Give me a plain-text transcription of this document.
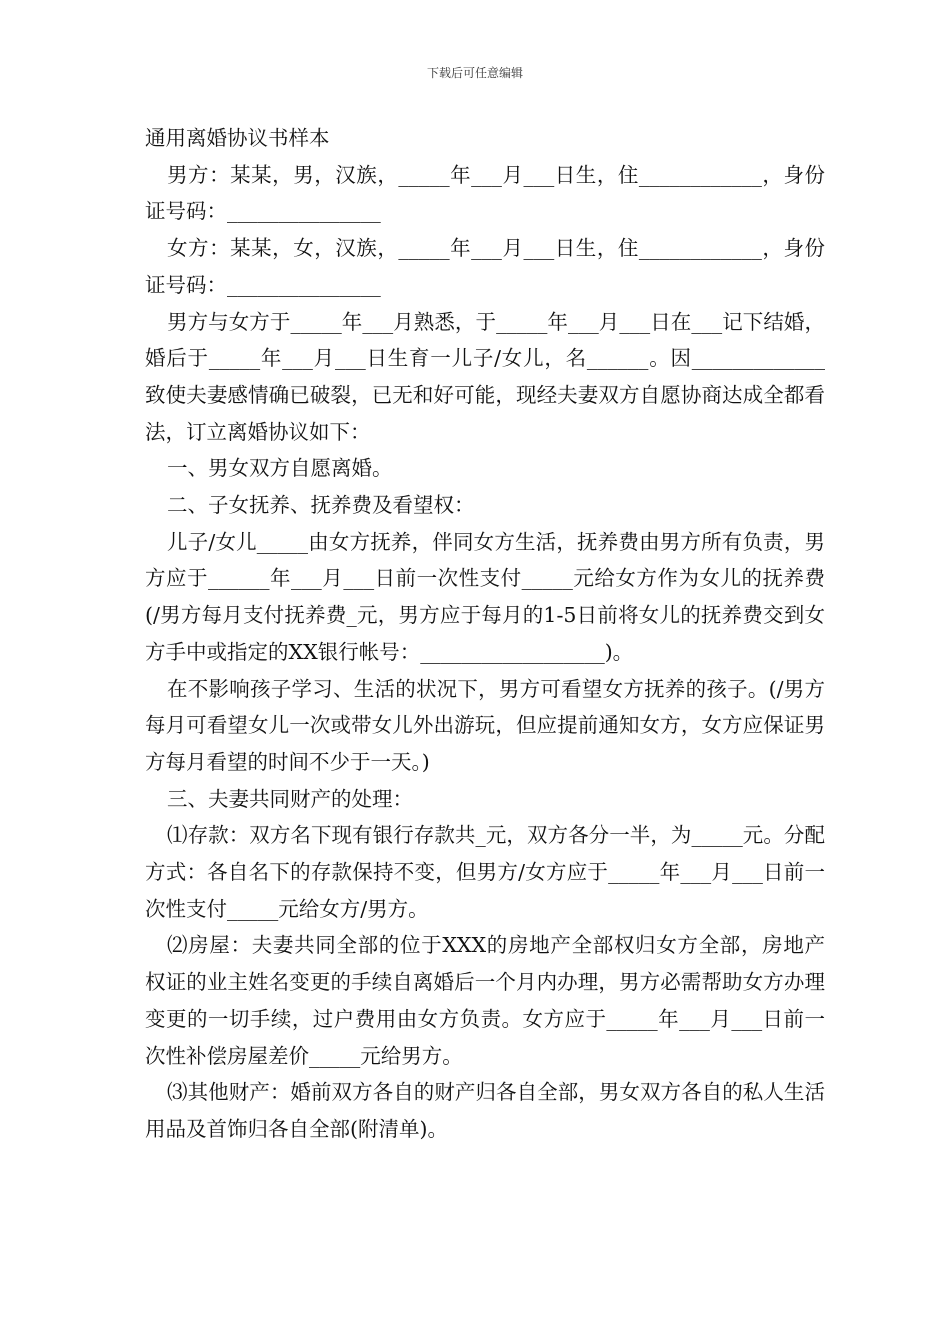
下载后可任意编辑

通用离婚协议书样本

男方：某某，男，汉族，_____年___月___日生，住____________，身份证号码：_______________

女方：某某，女，汉族，_____年___月___日生，住____________，身份证号码：_______________

男方与女方于_____年___月熟悉，于_____年___月___日在___记下结婚，婚后于_____年___月___日生育一儿子/女儿，名______。因_____________致使夫妻感情确已破裂，已无和好可能，现经夫妻双方自愿协商达成全都看法，订立离婚协议如下：

一、男女双方自愿离婚。

二、子女抚养、抚养费及看望权：

儿子/女儿_____由女方抚养，伴同女方生活，抚养费由男方所有负责，男方应于______年___月___日前一次性支付_____元给女方作为女儿的抚养费(/男方每月支付抚养费_元，男方应于每月的1-5日前将女儿的抚养费交到女方手中或指定的XX银行帐号：__________________)。

在不影响孩子学习、生活的状况下，男方可看望女方抚养的孩子。(/男方每月可看望女儿一次或带女儿外出游玩，但应提前通知女方，女方应保证男方每月看望的时间不少于一天。)

三、夫妻共同财产的处理：

⑴存款：双方名下现有银行存款共_元，双方各分一半，为_____元。分配方式：各自名下的存款保持不变，但男方/女方应于_____年___月___日前一次性支付_____元给女方/男方。

⑵房屋：夫妻共同全部的位于XXX的房地产全部权归女方全部，房地产权证的业主姓名变更的手续自离婚后一个月内办理，男方必需帮助女方办理变更的一切手续，过户费用由女方负责。女方应于_____年___月___日前一次性补偿房屋差价_____元给男方。

⑶其他财产：婚前双方各自的财产归各自全部，男女双方各自的私人生活用品及首饰归各自全部(附清单)。
